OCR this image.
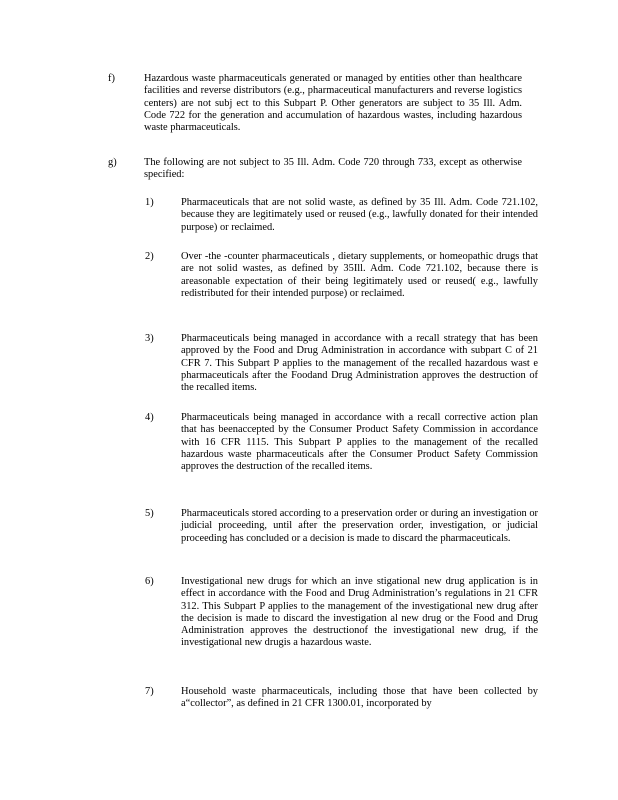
f)	Hazardous waste pharmaceuticals generated or managed by entities other than healthcare facilities and reverse distributors (e.g., pharmaceutical manufacturers and reverse logistics centers) are not subj ect to this Subpart P. Other generators are subject to 35 Ill. Adm. Code 722 for the generation and accumulation of hazardous wastes, including hazardous waste pharmaceuticals.
g)	The following are not subject to 35 Ill. Adm. Code 720 through 733, except as otherwise specified:
1)	Pharmaceuticals that are not solid waste, as defined by 35 Ill. Adm. Code 721.102, because they are legitimately used or reused (e.g., lawfully donated for their intended purpose) or reclaimed.
2)	Over -the -counter pharmaceuticals , dietary supplements, or homeopathic drugs that are not solid wastes, as defined by 35Ill. Adm. Code 721.102, because there is areasonable expectation of their being legitimately used or reused( e.g., lawfully redistributed for their intended purpose) or reclaimed.
3)	Pharmaceuticals being managed in accordance with a recall strategy that has been approved by the Food and Drug Administration in accordance with subpart C of 21 CFR 7. This Subpart P applies to the management of the recalled hazardous wast e pharmaceuticals after the Foodand Drug Administration approves the destruction of the recalled items.
4)	Pharmaceuticals being managed in accordance with a recall corrective action plan that has beenaccepted by the Consumer Product Safety Commission in accordance with 16 CFR 1115. This Subpart P applies to the management of the recalled hazardous waste pharmaceuticals after the Consumer Product Safety Commission approves the destruction of the recalled items.
5)	Pharmaceuticals stored according to a preservation order or during an investigation or judicial proceeding, until after the preservation order, investigation, or judicial proceeding has concluded or a decision is made to discard the pharmaceuticals.
6)	Investigational new drugs for which an inve stigational new drug application is in effect in accordance with the Food and Drug Administration’s regulations in 21 CFR 312. This Subpart P applies to the management of the investigational new drug after the decision is made to discard the investigation al new drug or the Food and Drug Administration approves the destructionof the investigational new drug, if the investigational new drugis a hazardous waste.
7)	Household waste pharmaceuticals, including those that have been collected by a“collector”, as defined in 21 CFR 1300.01, incorporated by
